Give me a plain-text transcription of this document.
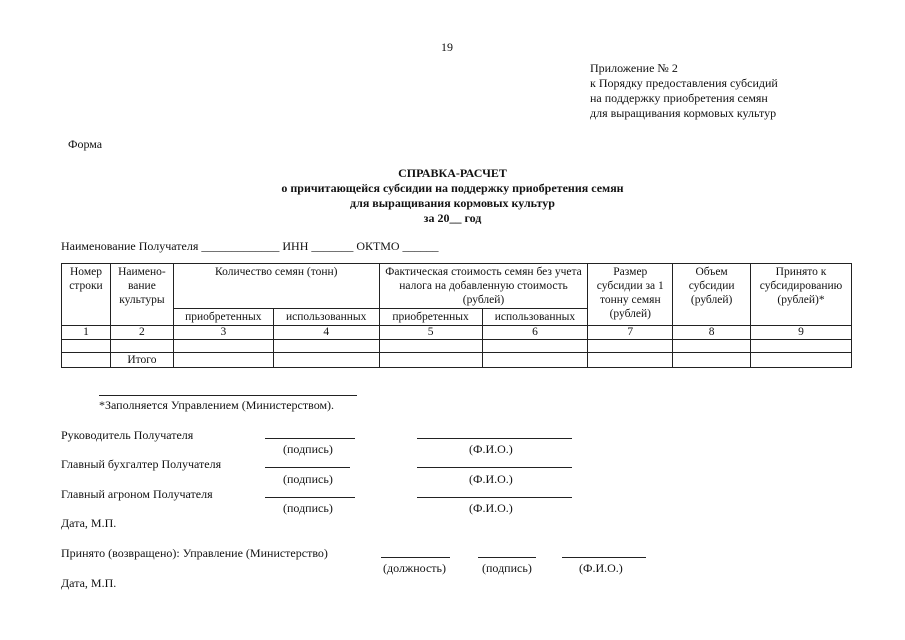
19
Приложение № 2
к Порядку предоставления субсидий
на поддержку приобретения семян
для выращивания кормовых культур
Форма
СПРАВКА-РАСЧЕТ
о причитающейся субсидии на поддержку приобретения семян
для выращивания кормовых культур
за 20__ год
Наименование Получателя _____________ ИНН _______ ОКТМО ______
Номер строки	Наимено-вание культуры	Количество семян (тонн)		Фактическая стоимость семян без учета налога на добавленную стоимость (рублей)		Размер субсидии за 1 тонну семян (рублей)	Объем субсидии (рублей)	Принято к субсидированию (рублей)*
		приобретенных	использованных	приобретенных	использованных			
1	2	3	4	5	6	7	8	9

	Итого							
*Заполняется Управлением (Министерством).
Руководитель Получателя
(подпись)	(Ф.И.О.)
Главный бухгалтер Получателя
(подпись)	(Ф.И.О.)
Главный агроном Получателя
(подпись)	(Ф.И.О.)
Дата, М.П.
Принято (возвращено): Управление (Министерство)
(должность)	(подпись)	(Ф.И.О.)
Дата, М.П.
